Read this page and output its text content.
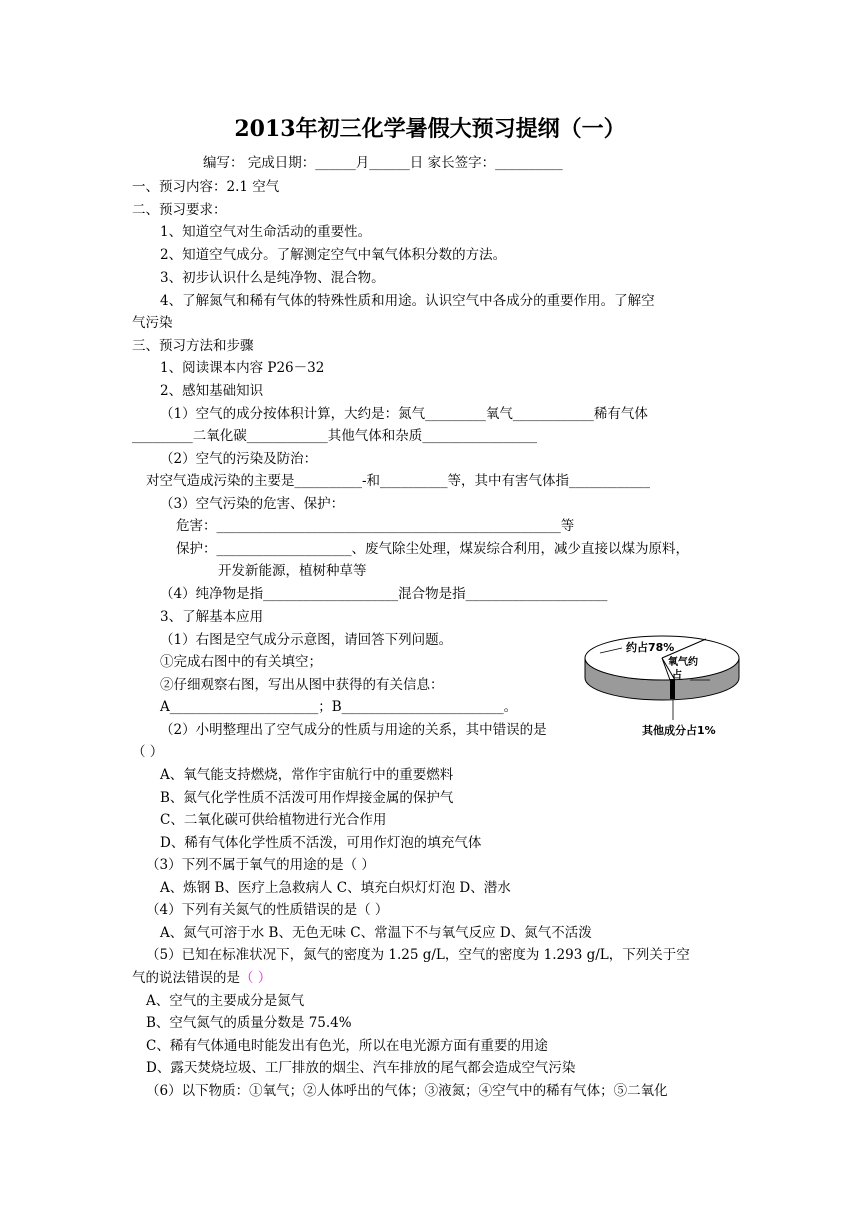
2013年初三化学暑假大预习提纲（一）
编写： 完成日期：______月______日 家长签字：__________
一、预习内容：2.1 空气
二、预习要求：
1、知道空气对生命活动的重要性。
2、知道空气成分。了解测定空气中氧气体积分数的方法。
3、初步认识什么是纯净物、混合物。
4、了解氮气和稀有气体的特殊性质和用途。认识空气中各成分的重要作用。了解空
气污染
三、预习方法和步骤
1、阅读课本内容 P26－32
2、感知基础知识
（1）空气的成分按体积计算，大约是：氮气_________氧气____________稀有气体
_________二氧化碳____________其他气体和杂质_________________
（2）空气的污染及防治：
对空气造成污染的主要是__________-和__________等，其中有害气体指____________
（3）空气污染的危害、保护：
危害：___________________________________________________等
保护：____________________、废气除尘处理，煤炭综合利用，减少直接以煤为原料，
开发新能源，植树种草等
（4）纯净物是指____________________混合物是指_____________________
3、了解基本应用
（1）右图是空气成分示意图，请回答下列问题。
①完成右图中的有关填空；
②仔细观察右图，写出从图中获得的有关信息：
A______________________；B________________________。
（2）小明整理出了空气成分的性质与用途的关系，其中错误的是
（ ）
A、氧气能支持燃烧，常作宇宙航行中的重要燃料
B、氮气化学性质不活泼可用作焊接金属的保护气
C、二氧化碳可供给植物进行光合作用
D、稀有气体化学性质不活泼，可用作灯泡的填充气体
（3）下列不属于氧气的用途的是（ ）
A、炼钢 B、医疗上急救病人 C、填充白炽灯灯泡 D、潜水
（4）下列有关氮气的性质错误的是（ ）
A、氮气可溶于水 B、无色无味 C、常温下不与氧气反应 D、氮气不活泼
（5）已知在标准状况下，氮气的密度为 1.25 g/L，空气的密度为 1.293 g/L，下列关于空
气的说法错误的是（ ）
A、空气的主要成分是氮气
B、空气氮气的质量分数是 75.4%
C、稀有气体通电时能发出有色光，所以在电光源方面有重要的用途
D、露天焚烧垃圾、工厂排放的烟尘、汽车排放的尾气都会造成空气污染
（6）以下物质：①氧气；②人体呼出的气体；③液氮；④空气中的稀有气体；⑤二氧化
约占78%
氧气约
占
其他成分占1%
